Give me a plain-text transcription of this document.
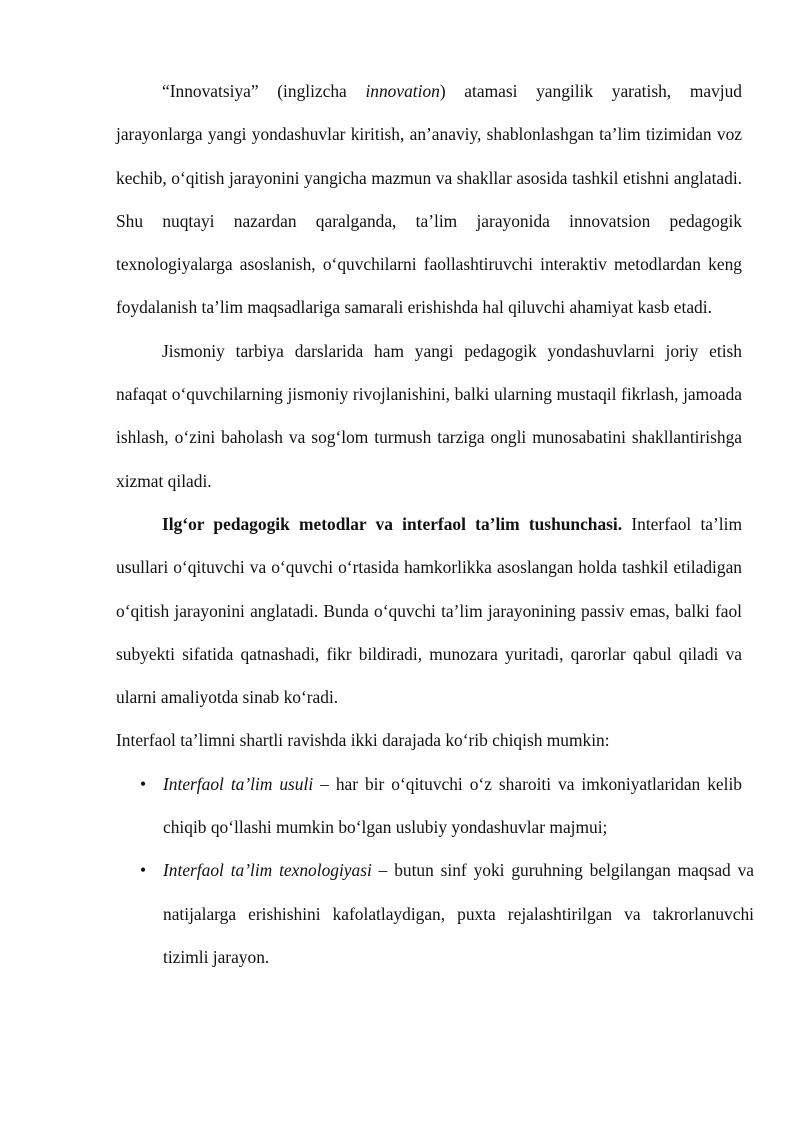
“Innovatsiya” (inglizcha innovation) atamasi yangilik yaratish, mavjud jarayonlarga yangi yondashuvlar kiritish, an’anaviy, shablonlashgan ta’lim tizimidan voz kechib, o‘qitish jarayonini yangicha mazmun va shakllar asosida tashkil etishni anglatadi. Shu nuqtayi nazardan qaralganda, ta’lim jarayonida innovatsion pedagogik texnologiyalarga asoslanish, o‘quvchilarni faollashtiruvchi interaktiv metodlardan keng foydalanish ta’lim maqsadlariga samarali erishishda hal qiluvchi ahamiyat kasb etadi.

Jismoniy tarbiya darslarida ham yangi pedagogik yondashuvlarni joriy etish nafaqat o‘quvchilarning jismoniy rivojlanishini, balki ularning mustaqil fikrlash, jamoada ishlash, o‘zini baholash va sog‘lom turmush tarziga ongli munosabatini shakllantirishga xizmat qiladi.

Ilg‘or pedagogik metodlar va interfaol ta’lim tushunchasi. Interfaol ta’lim usullari o‘qituvchi va o‘quvchi o‘rtasida hamkorlikka asoslangan holda tashkil etiladigan o‘qitish jarayonini anglatadi. Bunda o‘quvchi ta’lim jarayonining passiv emas, balki faol subyekti sifatida qatnashadi, fikr bildiradi, munozara yuritadi, qarorlar qabul qiladi va ularni amaliyotda sinab ko‘radi.

Interfaol ta’limni shartli ravishda ikki darajada ko‘rib chiqish mumkin:

• Interfaol ta’lim usuli – har bir o‘qituvchi o‘z sharoiti va imkoniyatlaridan kelib chiqib qo‘llashi mumkin bo‘lgan uslubiy yondashuvlar majmui;
• Interfaol ta’lim texnologiyasi – butun sinf yoki guruhning belgilangan maqsad va natijalarga erishishini kafolatlaydigan, puxta rejalashtirilgan va takrorlanuvchi tizimli jarayon.
